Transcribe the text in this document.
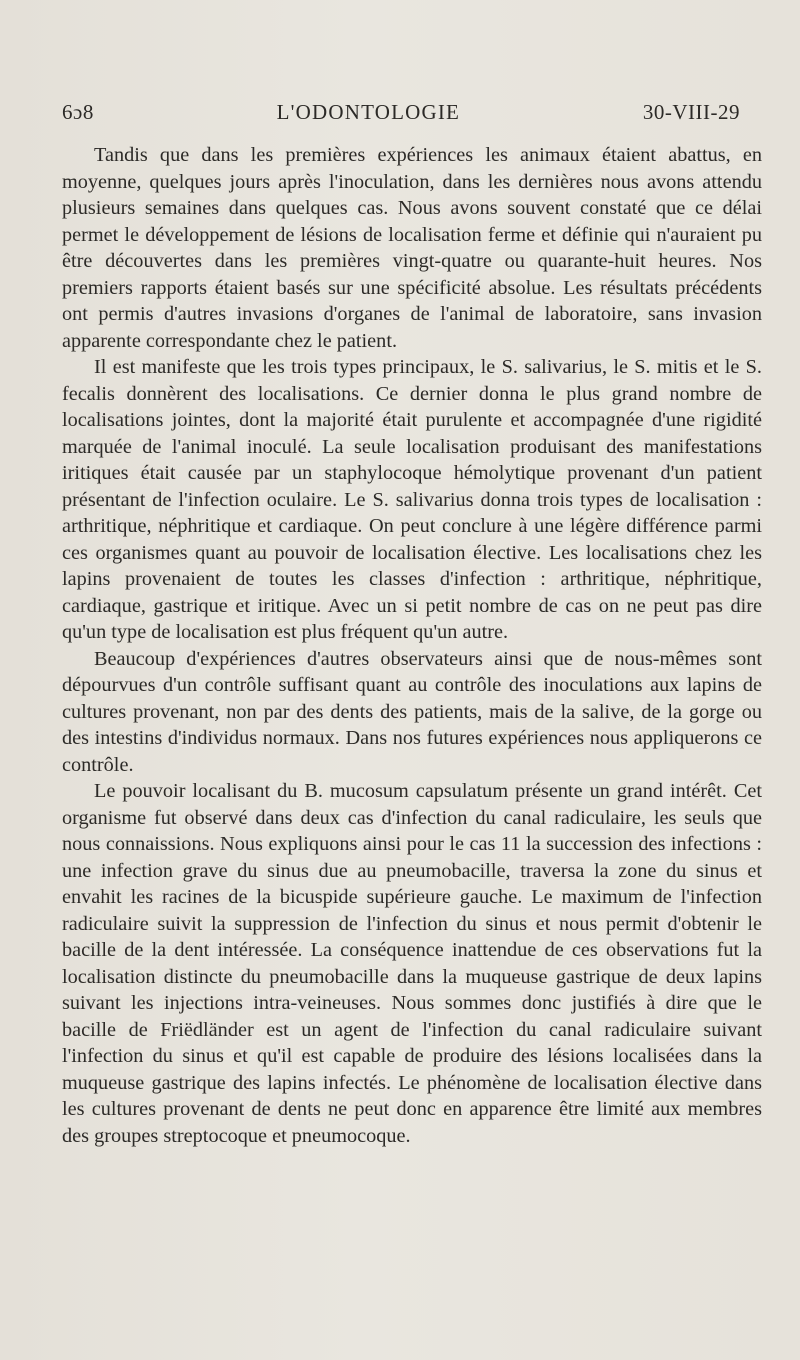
6ɔ8	L'ODONTOLOGIE	30-VIII-29

Tandis que dans les premières expériences les animaux étaient abattus, en moyenne, quelques jours après l'inoculation, dans les dernières nous avons attendu plusieurs semaines dans quelques cas. Nous avons souvent constaté que ce délai permet le développement de lésions de localisation ferme et définie qui n'auraient pu être découvertes dans les premières vingt-quatre ou quarante-huit heures. Nos premiers rapports étaient basés sur une spécificité absolue. Les résultats précédents ont permis d'autres invasions d'organes de l'animal de laboratoire, sans invasion apparente correspondante chez le patient.

Il est manifeste que les trois types principaux, le S. salivarius, le S. mitis et le S. fecalis donnèrent des localisations. Ce dernier donna le plus grand nombre de localisations jointes, dont la majorité était purulente et accompagnée d'une rigidité marquée de l'animal inoculé. La seule localisation produisant des manifestations iritiques était causée par un staphylocoque hémolytique provenant d'un patient présentant de l'infection oculaire. Le S. salivarius donna trois types de localisation : arthritique, néphritique et cardiaque. On peut conclure à une légère différence parmi ces organismes quant au pouvoir de localisation élective. Les localisations chez les lapins provenaient de toutes les classes d'infection : arthritique, néphritique, cardiaque, gastrique et iritique. Avec un si petit nombre de cas on ne peut pas dire qu'un type de localisation est plus fréquent qu'un autre.

Beaucoup d'expériences d'autres observateurs ainsi que de nous-mêmes sont dépourvues d'un contrôle suffisant quant au contrôle des inoculations aux lapins de cultures provenant, non par des dents des patients, mais de la salive, de la gorge ou des intestins d'individus normaux. Dans nos futures expériences nous appliquerons ce contrôle.

Le pouvoir localisant du B. mucosum capsulatum présente un grand intérêt. Cet organisme fut observé dans deux cas d'infection du canal radiculaire, les seuls que nous connaissions. Nous expliquons ainsi pour le cas 11 la succession des infections : une infection grave du sinus due au pneumobacille, traversa la zone du sinus et envahit les racines de la bicuspide supérieure gauche. Le maximum de l'infection radiculaire suivit la suppression de l'infection du sinus et nous permit d'obtenir le bacille de la dent intéressée. La conséquence inattendue de ces observations fut la localisation distincte du pneumobacille dans la muqueuse gastrique de deux lapins suivant les injections intra-veineuses. Nous sommes donc justifiés à dire que le bacille de Friëdländer est un agent de l'infection du canal radiculaire suivant l'infection du sinus et qu'il est capable de produire des lésions localisées dans la muqueuse gastrique des lapins infectés. Le phénomène de localisation élective dans les cultures provenant de dents ne peut donc en apparence être limité aux membres des groupes streptocoque et pneumocoque.
